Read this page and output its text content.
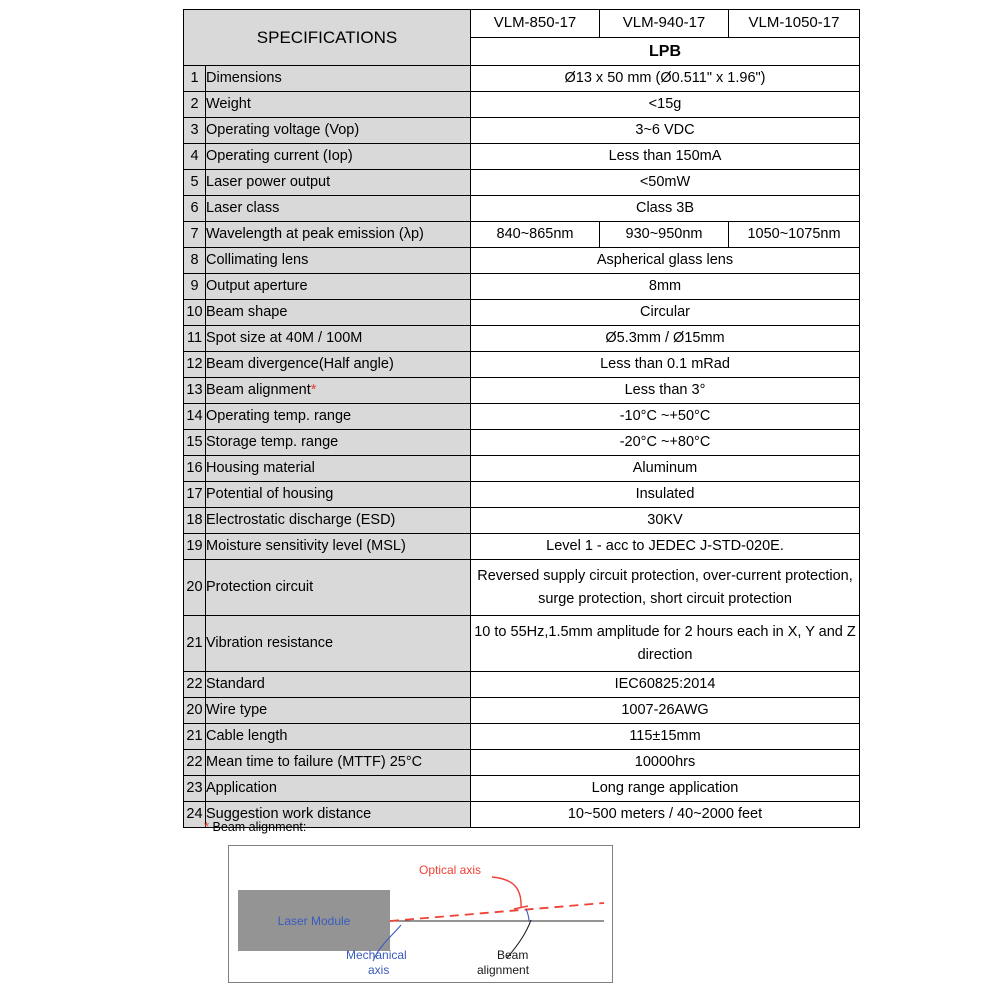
SPECIFICATIONS		VLM-850-17	VLM-940-17	VLM-1050-17
		LPB		
1	Dimensions	Ø13 x 50 mm (Ø0.511" x 1.96")		
2	Weight	<15g		
3	Operating voltage (Vop)	3~6 VDC		
4	Operating current (Iop)	Less than 150mA		
5	Laser power output	<50mW		
6	Laser class	Class 3B		
7	Wavelength at peak emission (λp)	840~865nm	930~950nm	1050~1075nm
8	Collimating lens	Aspherical glass lens		
9	Output aperture	8mm		
10	Beam shape	Circular		
11	Spot size at 40M / 100M	Ø5.3mm / Ø15mm		
12	Beam divergence(Half angle)	Less than 0.1 mRad		
13	Beam alignment*	Less than 3°		
14	Operating temp. range	-10°C ~+50°C		
15	Storage temp. range	-20°C ~+80°C		
16	Housing material	Aluminum		
17	Potential of housing	Insulated		
18	Electrostatic discharge (ESD)	30KV		
19	Moisture sensitivity level (MSL)	Level 1 - acc to JEDEC J-STD-020E.		
20	Protection circuit	Reversed supply circuit protection, over-current protection, surge protection, short circuit protection		
21	Vibration resistance	10 to 55Hz,1.5mm amplitude for 2 hours each in X, Y and Z direction		
22	Standard	IEC60825:2014		
20	Wire type	1007-26AWG		
21	Cable length	115±15mm		
22	Mean time to failure (MTTF) 25°C	10000hrs		
23	Application	Long range application		
24	Suggestion work distance	10~500 meters / 40~2000 feet		
* Beam alignment:
Laser Module
Optical axis
Mechanical
axis
Beam
alignment
